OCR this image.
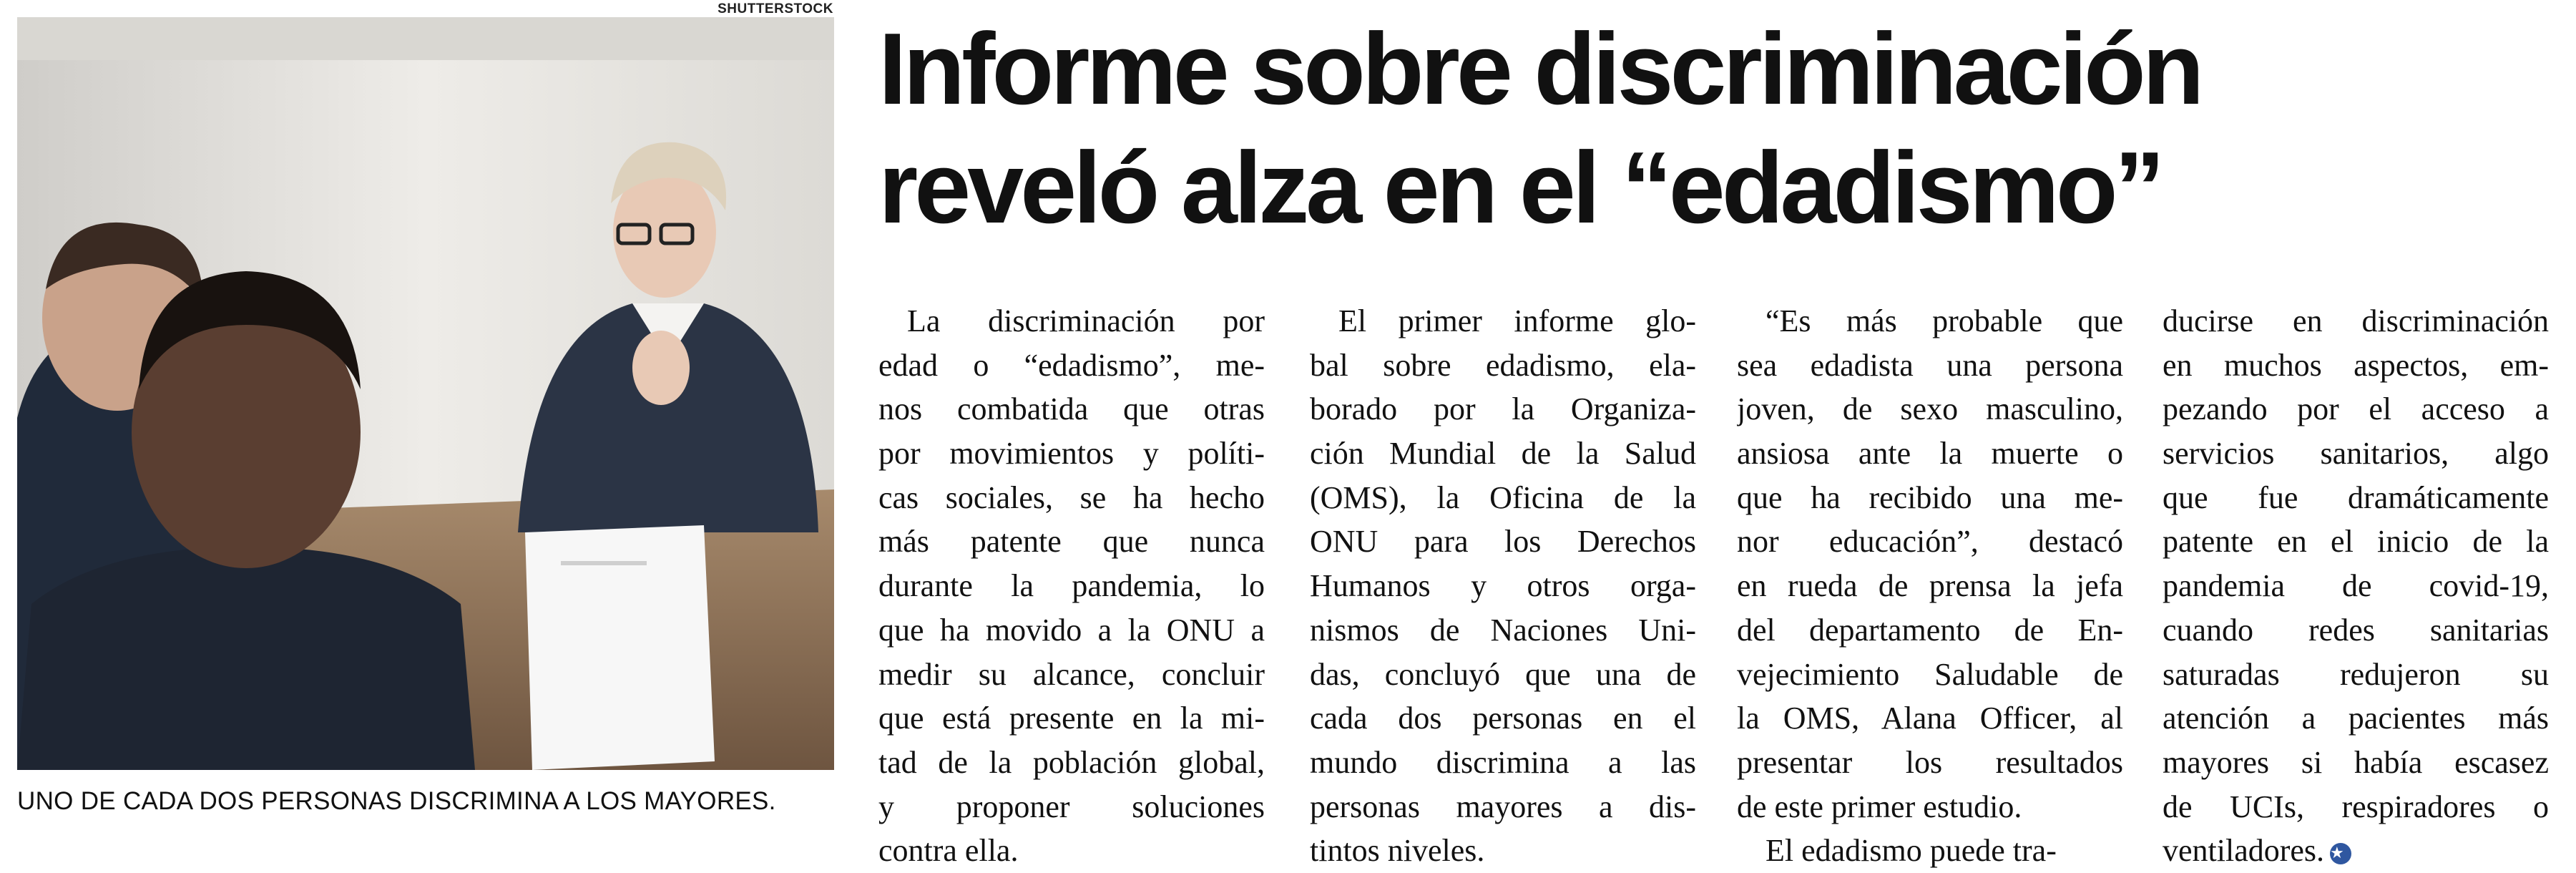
SHUTTERSTOCK
UNO DE CADA DOS PERSONAS DISCRIMINA A LOS MAYORES.
Informe sobre discriminación
reveló alza en el “edadismo”
La discriminación por
edad o “edadismo”, me-
nos combatida que otras
por movimientos y políti-
cas sociales, se ha hecho
más patente que nunca
durante la pandemia, lo
que ha movido a la ONU a
medir su alcance, concluir
que está presente en la mi-
tad de la población global,
y proponer soluciones
contra ella.
El primer informe glo-
bal sobre edadismo, ela-
borado por la Organiza-
ción Mundial de la Salud
(OMS), la Oficina de la
ONU para los Derechos
Humanos y otros orga-
nismos de Naciones Uni-
das, concluyó que una de
cada dos personas en el
mundo discrimina a las
personas mayores a dis-
tintos niveles.
“Es más probable que
sea edadista una persona
joven, de sexo masculino,
ansiosa ante la muerte o
que ha recibido una me-
nor educación”, destacó
en rueda de prensa la jefa
del departamento de En-
vejecimiento Saludable de
la OMS, Alana Officer, al
presentar los resultados
de este primer estudio.
El edadismo puede tra-
ducirse en discriminación
en muchos aspectos, em-
pezando por el acceso a
servicios sanitarios, algo
que fue dramáticamente
patente en el inicio de la
pandemia de covid-19,
cuando redes sanitarias
saturadas redujeron su
atención a pacientes más
mayores si había escasez
de UCIs, respiradores o
ventiladores. ★
